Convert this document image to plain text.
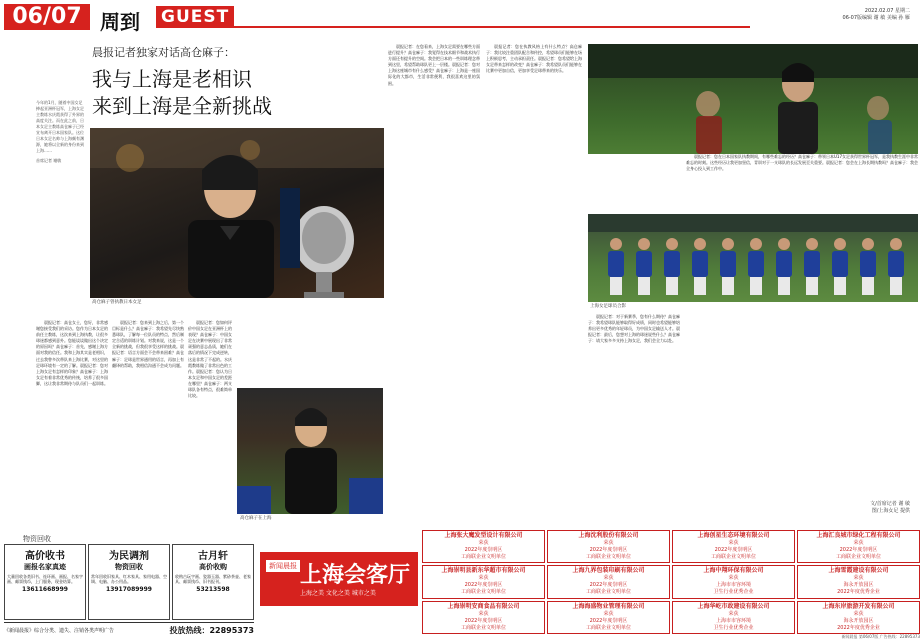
06/07 周到 GUEST	2022.02.07 星期二
06-07版编辑 谢 敏 美编 孙 雁
晨报记者独家对话高仓麻子：
我与上海是老相识
来到上海是全新挑战
今年的1月，随着中国女足捧起亚洲杯冠军，上海女足主教练水庆霞获得了外界的高度关注。而在此之前，日本女足主教练高仓麻子已经宣布离开日本国家队。这位日本女足名帅与上海颇有渊源，她将以全新的身份来到上海……
首席记者 谢敏
高仓麻子曾执教日本女足
上海女足球员合影
高仓麻子在上海

晨报记者：高仓女士，您好，非常感谢您接受我们的采访。您作为日本女足的前任主教练，这次来到上海执教，让很多球迷都感到意外。您能谈谈做出这个决定的原因吗？高仓麻子：首先，感谢上海方面对我的信任。我和上海其实是老相识，过去我曾多次带队来上海比赛，对这里的足球环境有一定的了解。晨报记者：您对上海女足有怎样的印象？高仓麻子：上海女足有着非常优秀的传统，培养了很多国脚，这让我非常期待与队员们一起训练。

晨报记者：您来到上海之后，第一个目标是什么？高仓麻子：我希望先尽快熟悉球队，了解每一位队员的特点，然后制定合适的训练计划。对我来说，这是一个全新的挑战，但我很享受这样的挑战。晨报记者：语言方面会不会带来困难？高仓麻子：足球是世界通用的语言，再加上有翻译的帮助，我相信沟通不会成为问题。

晨报记者：您如何评价中国女足在亚洲杯上的表现？高仓麻子：中国女足在决赛中展现出了非常顽强的意志品质，她们在落后的情况下完成逆转，这是非常了不起的。水庆霞教练做了非常出色的工作。晨报记者：您认为日本女足和中国女足的差距在哪里？高仓麻子：两支球队各有特点，很难简单比较。

晨报记者：在您看来，上海女足需要在哪些方面进行提升？高仓麻子：我觉得在技术细节和战术执行方面还有提升的空间。我会把日本的一些训练理念带到这里，希望帮助球队更上一层楼。晨报记者：您对上海这座城市有什么感受？高仓麻子：上海是一座国际化的大都市，生活非常便利，我很喜欢这里的氛围。

晨报记者：您在执教风格上有什么特点？高仓麻子：我比较注重团队配合和传控，希望球员们能够在场上积极思考，主动承担责任。晨报记者：您希望给上海女足带来怎样的改变？高仓麻子：我希望队员们能够在比赛中更加自信，更加享受足球带来的快乐。

晨报记者：对于新赛季，您有什么期待？高仓麻子：我希望球队能够取得好成绩，同时也希望能够培养出更多优秀的年轻球员，为中国女足输送人才。晨报记者：最后，您想对上海的球迷说些什么？高仓麻子：请大家多多支持上海女足，我们会全力以赴。

晨报记者：您在日本国家队执教期间，有哪些难忘的经历？高仓麻子：带领日本U17女足获得世界杯冠军，是我执教生涯中非常难忘的时刻。这些经历让我更加坚信，青训对于一支球队的长远发展至关重要。晨报记者：您会在上海长期执教吗？高仓麻子：我会全身心投入到工作中。

文/首席记者 谢 敏
图/上海女足 提供
物资回收
高价收书
画报名家真迹
大量回收各类旧书、连环画、画报、名家字画、邮票钱币，上门服务，现金结算。
13611668999
为民调剂
物资回收
常年回收旧家具、红木家具、家用电器、空调、电脑、办公用品。
13917089999
古月轩
高价收购
收购古玩字画、瓷器玉器、紫砂茶壶、老家具、邮票钱币、旧书报刊。
53213598
《新闻晨报》综合分类、遗失、注销各类声明广告	投放热线：22895373
新闻晨报 上海会客厅
上海之美 文化之美 城市之美
上海张大魔发型设计有限公司
荣获
2022年度崇明区
工商联企业文明单位
上海沈利股份有限公司
荣获
2022年度崇明区
工商联企业文明单位
上海创星生态环境有限公司
荣获
2022年度崇明区
工商联企业文明单位
上海汇良城市绿化工程有限公司
荣获
2022年度崇明区
工商联企业文明单位
上海崇明县新东华超市有限公司
荣获
2022年度崇明区
工商联企业文明单位
上海九界包装印刷有限公司
荣获
2022年度崇明区
工商联企业文明单位
上海中翔环保有限公司
荣获
上海市市容环境
卫生行业优秀企业
上海雪霞建设有限公司
荣获
海永开放园区
2022年度优秀企业
上海崇明安商食品有限公司
荣获
2022年度崇明区
工商联企业文明单位
上海海盛物业管理有限公司
荣获
2022年度崇明区
工商联企业文明单位
上海华屹市政建设有限公司
荣获
上海市市容环境
卫生行业优秀企业
上海东岸旅游开发有限公司
荣获
海永开放园区
2022年度优秀企业
新闻晨报 第06/07版 广告热线：22895373
